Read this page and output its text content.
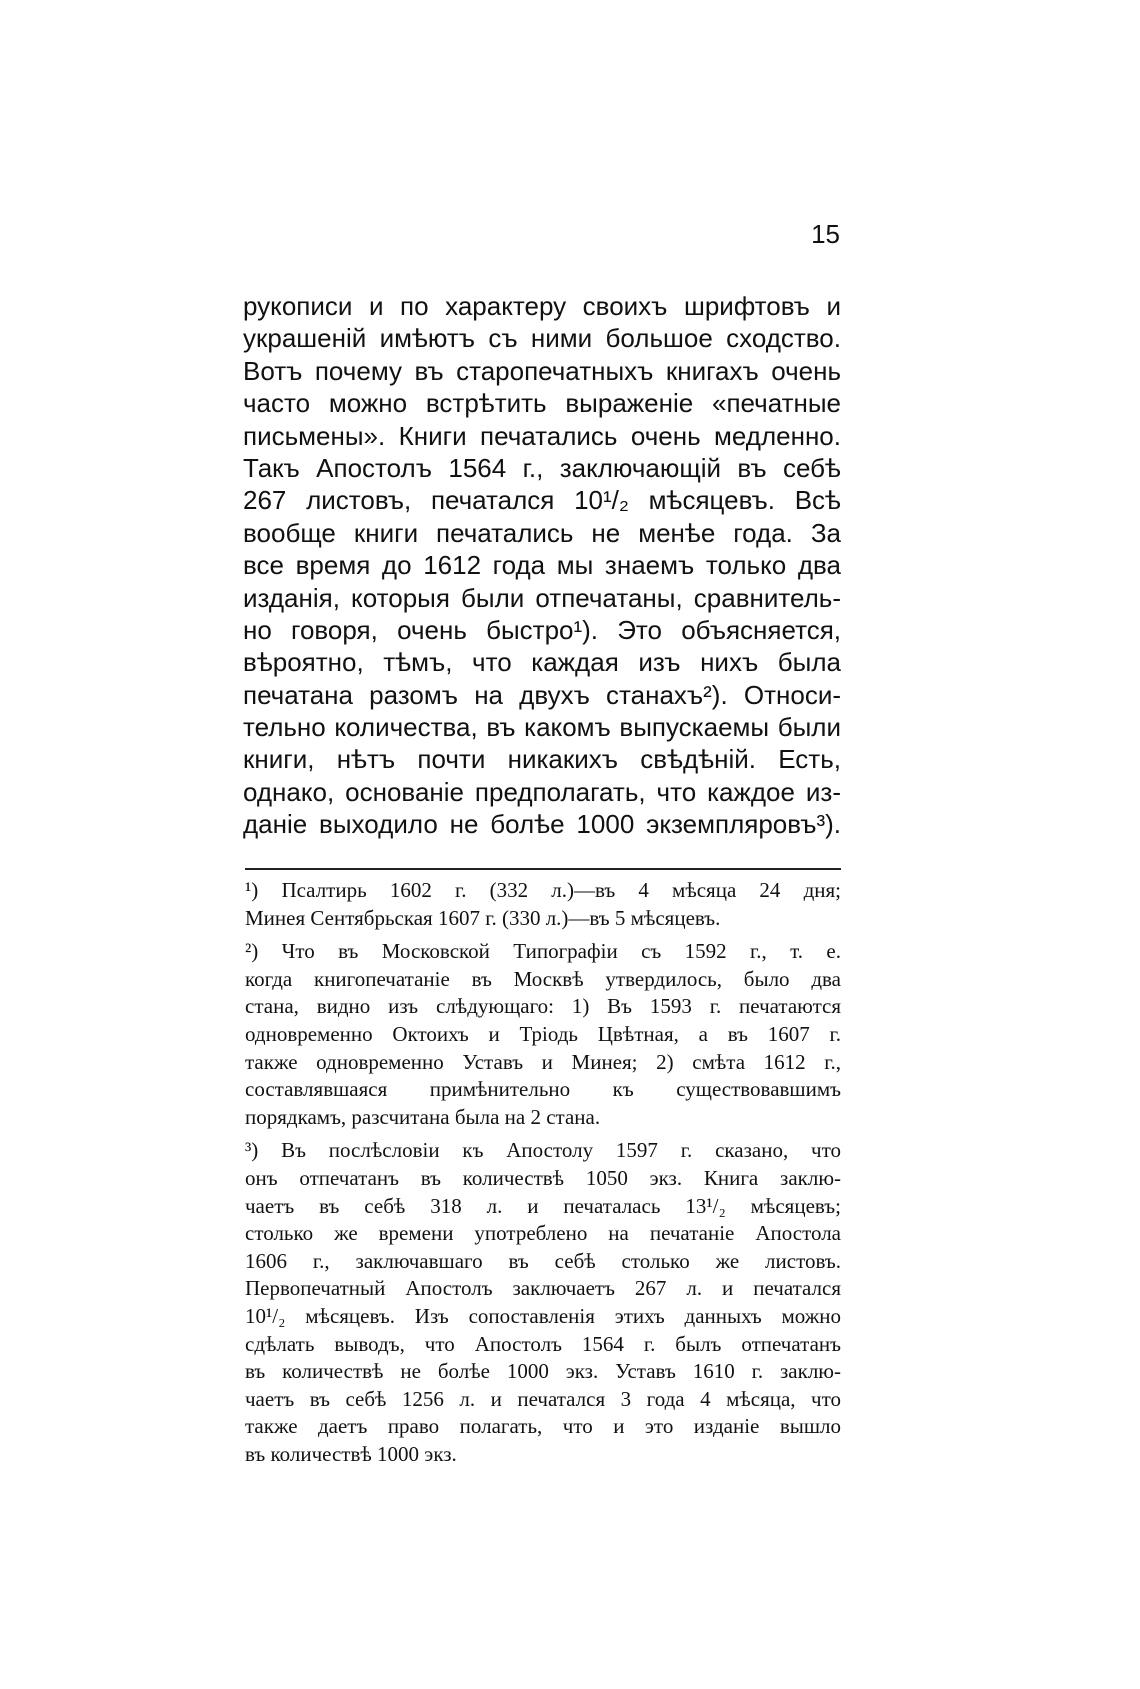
15
рукописи и по характеру своихъ шрифтовъ и
украшенiй имѣютъ съ ними большое сходство.
Вотъ почему въ старопечатныхъ книгахъ очень
часто можно встрѣтить выраженiе «печатные
письмены». Книги печатались очень медленно.
Такъ Апостолъ 1564 г., заключающiй въ себѣ
267 листовъ, печатался 10¹/₂ мѣсяцевъ. Всѣ
вообще книги печатались не менѣе года. За
все время до 1612 года мы знаемъ только два
изданiя, которыя были отпечатаны, сравнитель-
но говоря, очень быстро¹). Это объясняется,
вѣроятно, тѣмъ, что каждая изъ нихъ была
печатана разомъ на двухъ станахъ²). Относи-
тельно количества, въ какомъ выпускаемы были
книги, нѣтъ почти никакихъ свѣдѣнiй. Есть,
однако, основанiе предполагать, что каждое из-
данiе выходило не болѣе 1000 экземпляровъ³).
¹) Псалтирь 1602 г. (332 л.)—въ 4 мѣсяца 24 дня;
Минея Сентябрьская 1607 г. (330 л.)—въ 5 мѣсяцевъ.
²) Что въ Московской Типографiи съ 1592 г., т. е.
когда книгопечатанiе въ Москвѣ утвердилось, было два
стана, видно изъ слѣдующаго: 1) Въ 1593 г. печатаются
одновременно Октоихъ и Трiодь Цвѣтная, а въ 1607 г.
также одновременно Уставъ и Минея; 2) смѣта 1612 г.,
составлявшаяся примѣнительно къ существовавшимъ
порядкамъ, разсчитана была на 2 стана.
³) Въ послѣсловiи къ Апостолу 1597 г. сказано, что
онъ отпечатанъ въ количествѣ 1050 экз. Книга заклю-
чаетъ въ себѣ 318 л. и печаталась 13¹/₂ мѣсяцевъ;
столько же времени употреблено на печатанiе Апостола
1606 г., заключавшаго въ себѣ столько же листовъ.
Первопечатный Апостолъ заключаетъ 267 л. и печатался
10¹/₂ мѣсяцевъ. Изъ сопоставленiя этихъ данныхъ можно
сдѣлать выводъ, что Апостолъ 1564 г. былъ отпечатанъ
въ количествѣ не болѣе 1000 экз. Уставъ 1610 г. заклю-
чаетъ въ себѣ 1256 л. и печатался 3 года 4 мѣсяца, что
также даетъ право полагать, что и это изданiе вышло
въ количествѣ 1000 экз.
